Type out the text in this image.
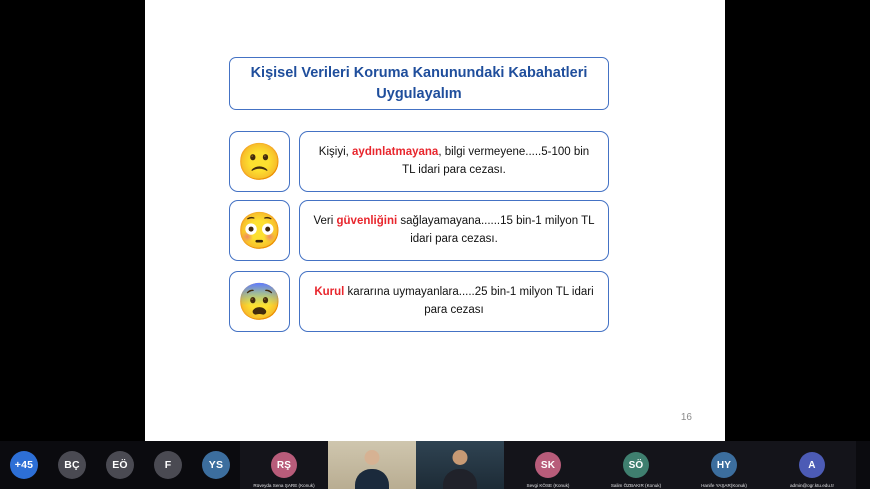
Kişisel Verileri Koruma Kanunundaki Kabahatleri Uygulayalım
🙁	Kişiyi, aydınlatmayana, bilgi vermeyene.....5-100 bin TL idari para cezası.

😳	Veri güvenliğini sağlayamayana......15 bin-1 milyon TL idari para cezası.

😨	Kurul kararına uymayanlara.....25 bin-1 milyon TL idari para cezası

16
+45	BÇ	EÖ	F	YS	RŞ
Rüveyda Sena ŞARE (Konuk)
SK
Sevgi KÖSE (Konuk)
SÖ
Salim ÖZBAKIR (Konuk)
HY
Hanife YAŞAR(Konuk)
A
admin@ogr.ktu.edu.tr
